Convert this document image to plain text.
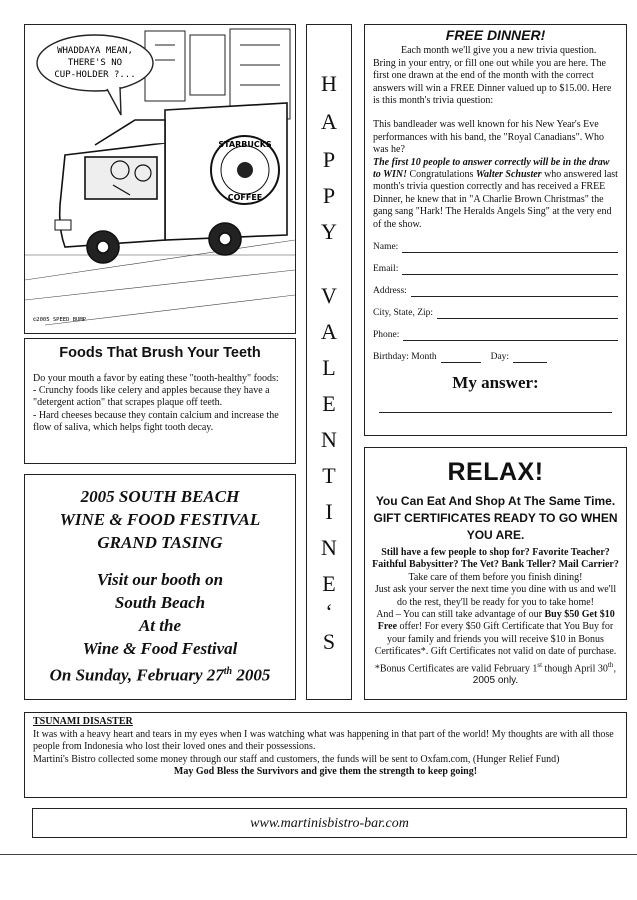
WHADDAYA MEAN,
THERE'S NO
CUP-HOLDER ?...
STARBUCKS
COFFEE
©2005 SPEED BUMP
Foods That Brush Your Teeth

Do your mouth a favor by eating these "tooth-healthy" foods:

- Crunchy foods like celery and apples because they have a "detergent action" that scrapes plaque off teeth.

- Hard cheeses because they contain calcium and increase the flow of saliva, which helps fight tooth decay.

2005 SOUTH BEACH
WINE & FOOD FESTIVAL
GRAND TASING
Visit our booth on
South Beach
At the
Wine & Food Festival
On Sunday, February 27th 2005
H
A
P
P
Y
V
A
L
E
N
T
I
N
E
‘
S
FREE DINNER!

Each month we'll give you a new trivia question. Bring in your entry, or fill one out while you are here. The first one drawn at the end of the month with the correct answers will win a FREE Dinner valued up to $15.00. Here is this month's trivia question:

This bandleader was well known for his New Year's Eve performances with his band, the "Royal Canadians". Who was he?
The first 10 people to answer correctly will be in the draw to WIN! Congratulations Walter Schuster who answered last month's trivia question correctly and has received a FREE Dinner, he knew that in "A Charlie Brown Christmas" the gang sang "Hark! The Heralds Angels Sing" at the very end of the show.

Name:
Email:
Address:
City, State, Zip:
Phone:
Birthday: Month	Day:
My answer:
RELAX!
You Can Eat And Shop At The Same Time. GIFT CERTIFICATES READY TO GO WHEN YOU ARE.
Still have a few people to shop for? Favorite Teacher? Faithful Babysitter? The Vet? Bank Teller? Mail Carrier?
Take care of them before you finish dining!
Just ask your server the next time you dine with us and we'll do the rest, they'll be ready for you to take home!
And – You can still take advantage of our Buy $50 Get $10 Free offer! For every $50 Gift Certificate that You Buy for your family and friends you will receive $10 in Bonus Certificates*. Gift Certificates not valid on date of purchase. *Bonus Certificates are valid February 1st though April 30th, 2005 only.
TSUNAMI DISASTER
It was with a heavy heart and tears in my eyes when I was watching what was happening in that part of the world! My thoughts are with all those people from Indonesia who lost their loved ones and their possessions.
Martini's Bistro collected some money through our staff and customers, the funds will be sent to Oxfam.com, (Hunger Relief Fund)
May God Bless the Survivors and give them the strength to keep going!
www.martinisbistro-bar.com
